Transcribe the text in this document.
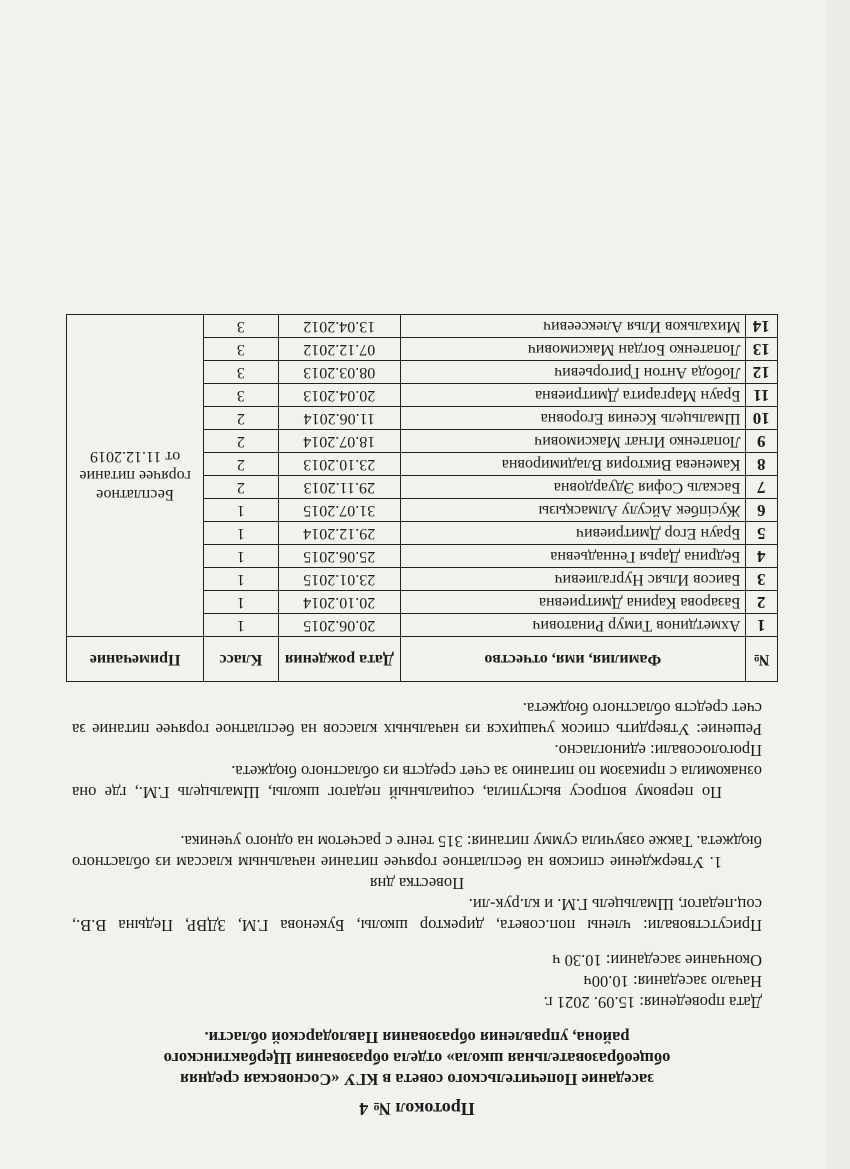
Протокол № 4

заседание Попечительского совета в КГУ «Сосновская средняя
общеобразовательная школа» отдела образования Щербактинского
района, управления образования Павлодарской области.

Дата проведения: 15.09. 2021 г.

Начало заседания: 10.00ч

Окончание заседании: 10.30 ч

Присутствовали: члены поп.совета, директор школы, Букенова Г.М, ЗДВР, Педына В.В., соц.педагог, Шмальцель Г.М. и кл.рук-ли.

Повестка дня

1. Утверждение списков на бесплатное горячее питание начальным классам из областного бюджета. Также озвучила сумму питания: 315 тенге с расчетом на одного ученика.

По первому вопросу выступила, социальный педагог школы, Шмальцель Г.М., где она ознакомила с приказом по питанию за счет средств из областного бюджета.

Проголосовали: единогласно.

Решение: Утвердить список учащихся из начальных классов на бесплатное горячее питание за счет средств областного бюджета.

№	Фамилия, имя, отчество	Дата рождения	Класс	Примечание
1	Ахметдинов Тимур Ринатович	20.06.2015	1	Бесплатное горячее питание от 11.12.2019
2	Базарова Карина Дмитриевна	20.10.2014	1	
3	Баисов Ильяс Нургалиевич	23.01.2015	1	
4	Бедрина Дарья Геннадьевна	25.06.2015	1	
5	Браун Егор Дмитриевич	29.12.2014	1	
6	Жусіпбек Айсулу Алмасқызы	31.07.2015	1	
7	Баскаль София Эдуардовна	29.11.2013	2	
8	Каменева Виктория Владимировна	23.10.2013	2	
9	Лопатенко Игнат Максимович	18.07.2014	2	
10	Шмальцель Ксения Егоровна	11.06.2014	2	
11	Браун Маргарита Дмитриевна	20.04.2013	3	
12	Лобода Антон Григорьевич	08.03.2013	3	
13	Лопатенко Богдан Максимович	07.12.2012	3	
14	Михальков Илья Алексеевич	13.04.2012	3	
